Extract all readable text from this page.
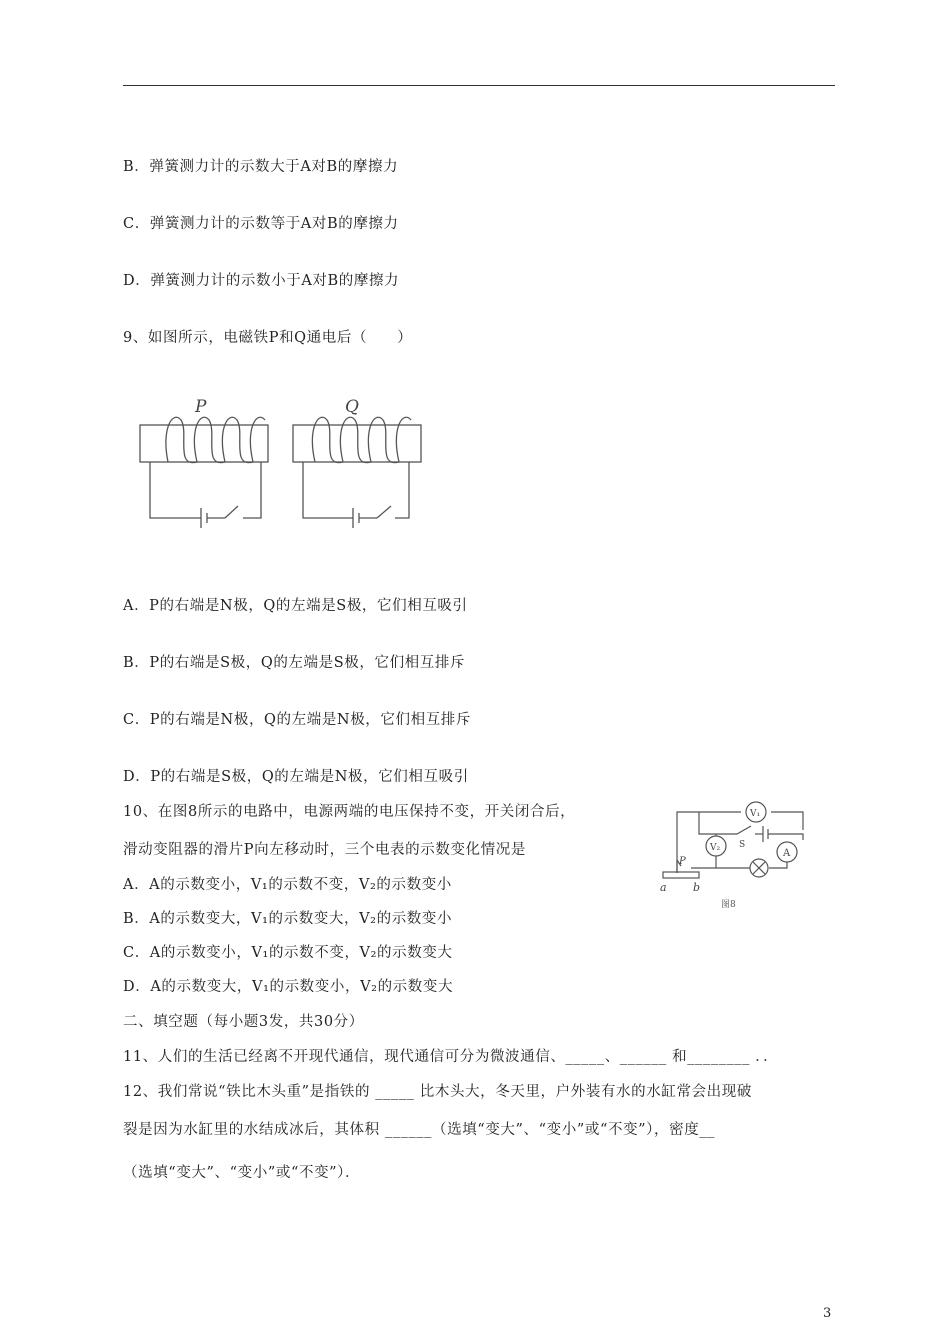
B．弹簧测力计的示数大于A对B的摩擦力
C．弹簧测力计的示数等于A对B的摩擦力
D．弹簧测力计的示数小于A对B的摩擦力
9、如图所示，电磁铁P和Q通电后（　　）
P	Q
A．P的右端是N极，Q的左端是S极，它们相互吸引
B．P的右端是S极，Q的左端是S极，它们相互排斥
C．P的右端是N极，Q的左端是N极，它们相互排斥
D．P的右端是S极，Q的左端是N极，它们相互吸引
10、在图8所示的电路中，电源两端的电压保持不变，开关闭合后，
滑动变阻器的滑片P向左移动时，三个电表的示数变化情况是
A．A的示数变小，V₁的示数不变，V₂的示数变小
B．A的示数变大，V₁的示数变大，V₂的示数变小
C．A的示数变小，V₁的示数不变，V₂的示数变大
D．A的示数变大，V₁的示数变小，V₂的示数变大
V₁
V₂	A
S
P
a b
图8
二、填空题（每小题3发，共30分）
11、人们的生活已经离不开现代通信，现代通信可分为微波通信、_____、______ 和________ ．．
12、我们常说“铁比木头重”是指铁的 _____ 比木头大，冬天里，户外装有水的水缸常会出现破
裂是因为水缸里的水结成冰后，其体积 ______（选填“变大”、“变小”或“不变”），密度__
（选填“变大”、“变小”或“不变”）．
3
